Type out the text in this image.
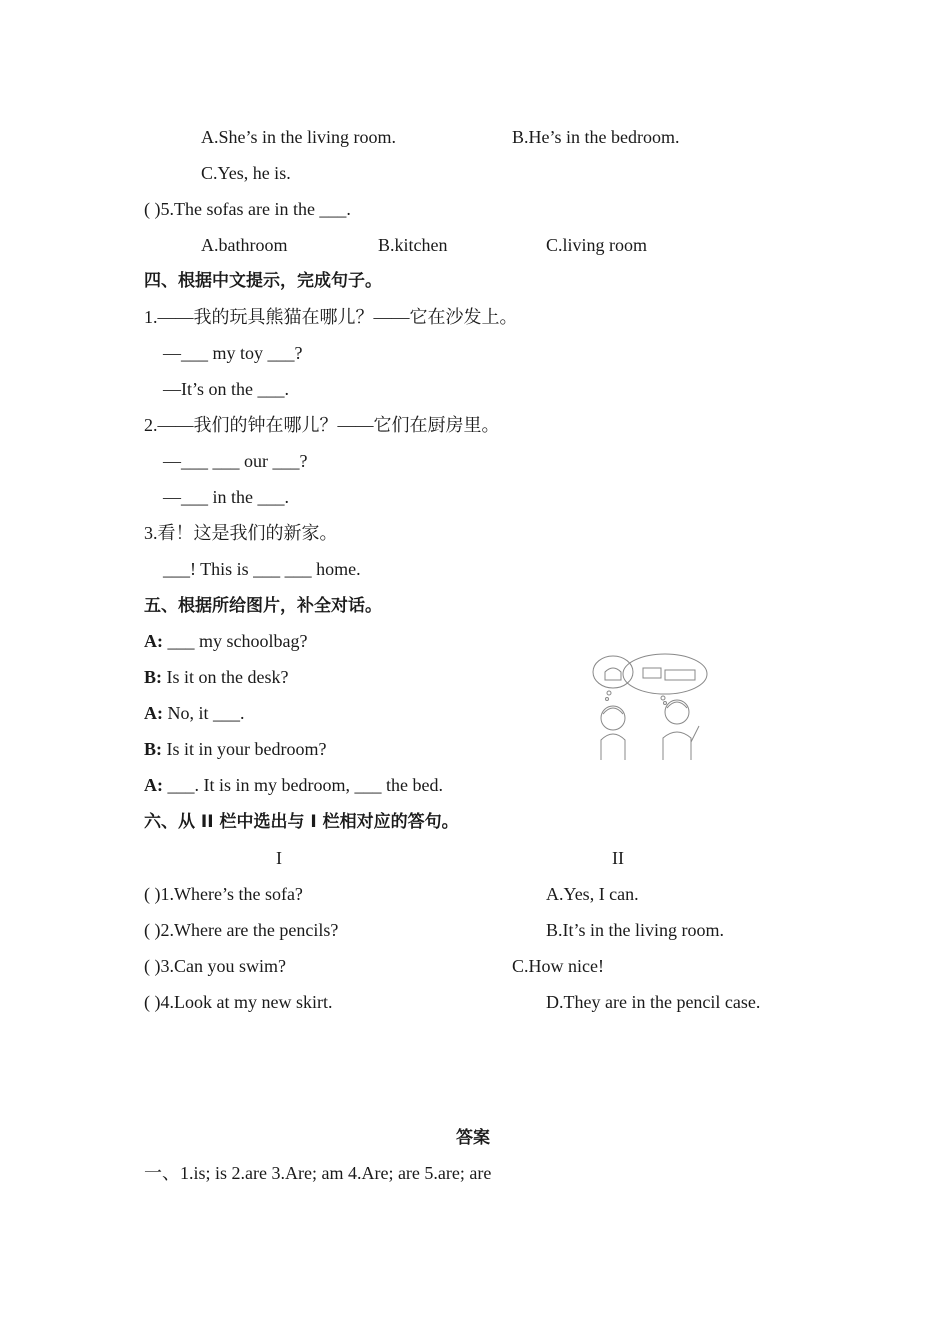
A.She’s in the living room.	B.He’s in the bedroom.
C.Yes, he is.
( )5.The sofas are in the ___.
A.bathroom	B.kitchen	C.living room
四、根据中文提示，完成句子。
1.——我的玩具熊猫在哪儿？——它在沙发上。
—___ my toy ___?
—It’s on the ___.
2.——我们的钟在哪儿？——它们在厨房里。
—___ ___ our ___?
—___ in the ___.
3.看！这是我们的新家。
___! This is ___ ___ home.
五、根据所给图片，补全对话。
A: ___ my schoolbag?
B: Is it on the desk?
A: No, it ___.
B: Is it in your bedroom?
A: ___. It is in my bedroom, ___ the bed.
六、从 II 栏中选出与 I 栏相对应的答句。
I	II
( )1.Where’s the sofa?	A.Yes, I can.
( )2.Where are the pencils?	B.It’s in the living room.
( )3.Can you swim?	C.How nice!
( )4.Look at my new skirt.	D.They are in the pencil case.
答案
一、1.is; is 2.are 3.Are; am 4.Are; are 5.are; are
